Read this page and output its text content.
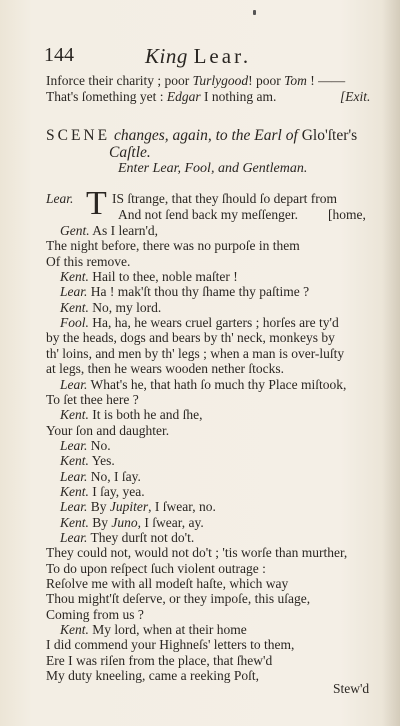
144	King Lear.
Inforce their charity ; poor Turlygood! poor Tom ! ——
That's ſomething yet : Edgar I nothing am.	[Exit.
SCENE changes, again, to the Earl of Glo'ſter's
Caſtle.
Enter Lear, Fool, and Gentleman.
Lear. T IS ſtrange, that they ſhould ſo depart from
And not ſend back my meſſenger. [home,
Gent. As I learn'd,
The night before, there was no purpoſe in them
Of this remove.
Kent. Hail to thee, noble maſter !
Lear. Ha ! mak'ſt thou thy ſhame thy paſtime ?
Kent. No, my lord.
Fool. Ha, ha, he wears cruel garters ; horſes are ty'd
by the heads, dogs and bears by th' neck, monkeys by
th' loins, and men by th' legs ; when a man is over-luſty
at legs, then he wears wooden nether ſtocks.
Lear. What's he, that hath ſo much thy Place miſtook,
To ſet thee here ?
Kent. It is both he and ſhe,
Your ſon and daughter.
Lear. No.
Kent. Yes.
Lear. No, I ſay.
Kent. I ſay, yea.
Lear. By Jupiter, I ſwear, no.
Kent. By Juno, I ſwear, ay.
Lear. They durſt not do't.
They could not, would not do't ; 'tis worſe than murther,
To do upon reſpect ſuch violent outrage :
Reſolve me with all modeſt haſte, which way
Thou might'ſt deſerve, or they impoſe, this uſage,
Coming from us ?
Kent. My lord, when at their home
I did commend your Highneſs' letters to them,
Ere I was riſen from the place, that ſhew'd
My duty kneeling, came a reeking Poſt,
Stew'd
